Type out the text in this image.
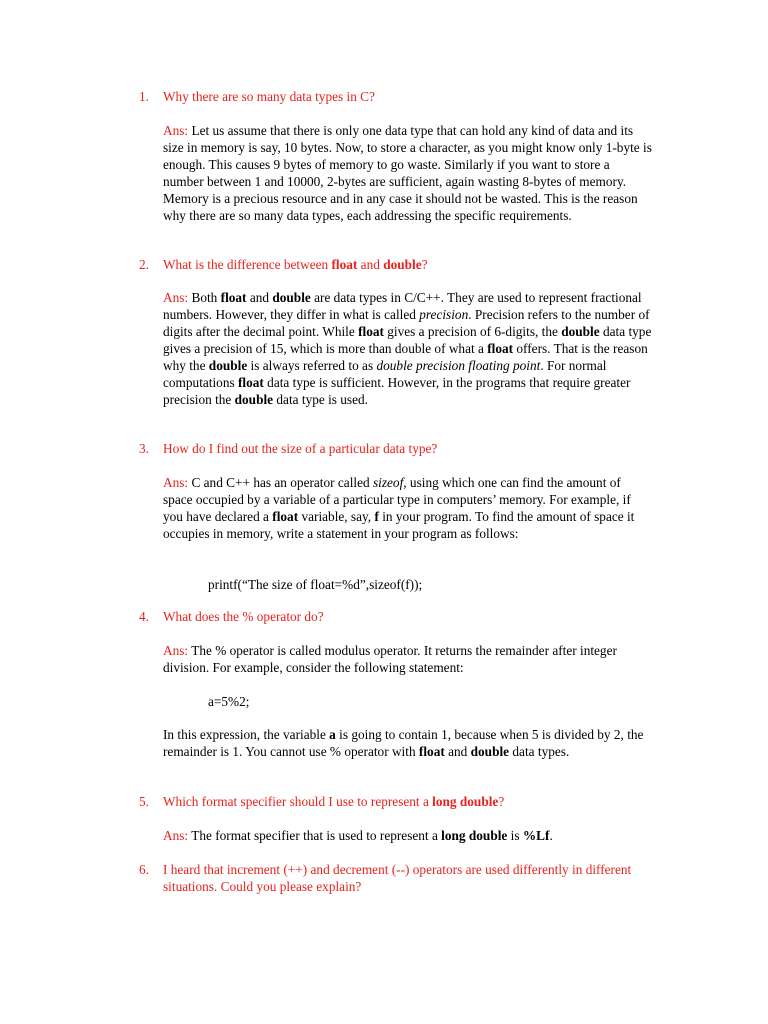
1.	Why there are so many data types in C?
Ans: Let us assume that there is only one data type that can hold any kind of data and its size in memory is say, 10 bytes. Now, to store a character, as you might know only 1-byte is enough. This causes 9 bytes of memory to go waste. Similarly if you want to store a number between 1 and 10000, 2-bytes are sufficient, again wasting 8-bytes of memory. Memory is a precious resource and in any case it should not be wasted. This is the reason why there are so many data types, each addressing the specific requirements.
2.	What is the difference between float and double?
Ans: Both float and double are data types in C/C++. They are used to represent fractional numbers. However, they differ in what is called precision. Precision refers to the number of digits after the decimal point. While float gives a precision of 6-digits, the double data type gives a precision of 15, which is more than double of what a float offers. That is the reason why the double is always referred to as double precision floating point. For normal computations float data type is sufficient. However, in the programs that require greater precision the double data type is used.
3.	How do I find out the size of a particular data type?
Ans: C and C++ has an operator called sizeof, using which one can find the amount of space occupied by a variable of a particular type in computers’ memory. For example, if you have declared a float variable, say, f in your program. To find the amount of space it occupies in memory, write a statement in your program as follows:
printf(“The size of float=%d”,sizeof(f));
4.	What does the % operator do?
Ans: The % operator is called modulus operator. It returns the remainder after integer division. For example, consider the following statement:
a=5%2;
In this expression, the variable a is going to contain 1, because when 5 is divided by 2, the remainder is 1. You cannot use % operator with float and double data types.
5.	Which format specifier should I use to represent a long double?
Ans: The format specifier that is used to represent a long double is %Lf.
6.	I heard that increment (++) and decrement (--) operators are used differently in different situations. Could you please explain?
